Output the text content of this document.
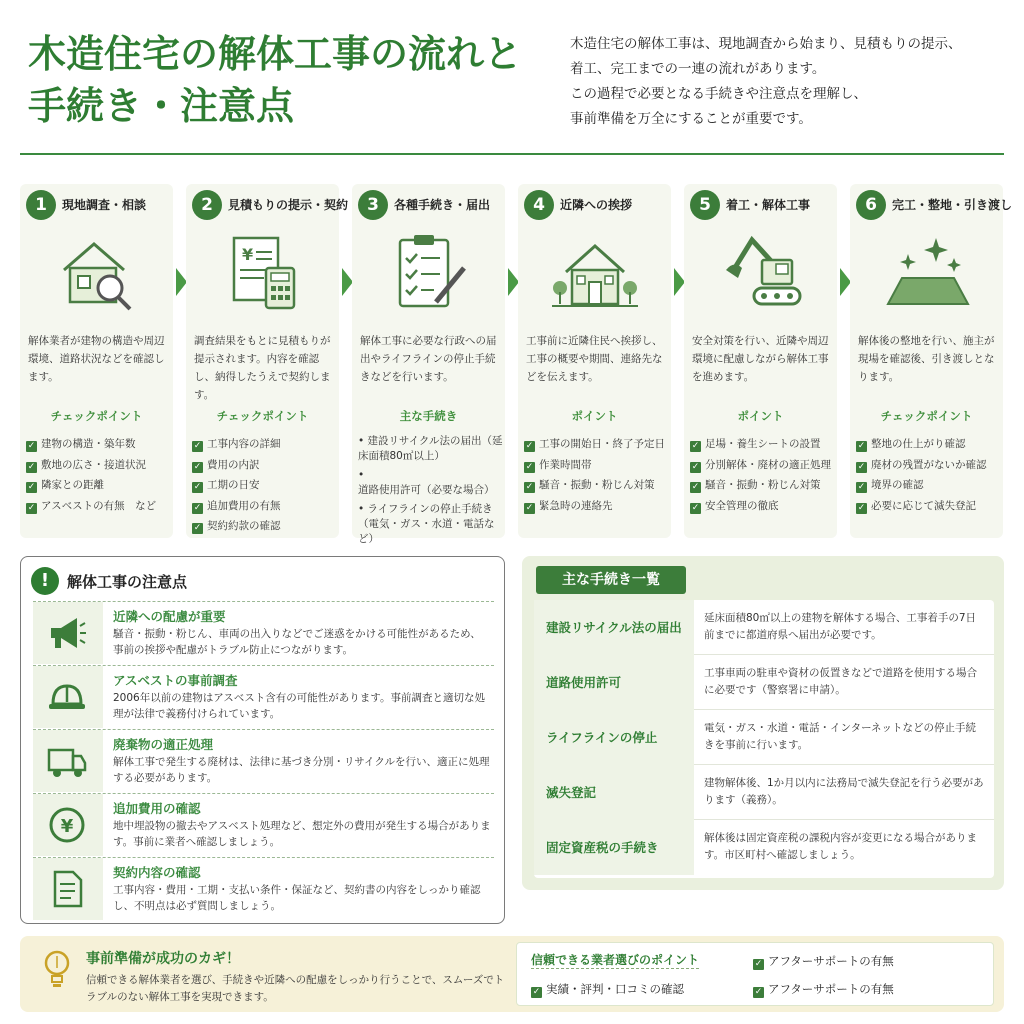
木造住宅の解体工事の流れと
手続き・注意点
木造住宅の解体工事は、現地調査から始まり、見積もりの提示、
着工、完工までの一連の流れがあります。
この過程で必要となる手続きや注意点を理解し、
事前準備を万全にすることが重要です。
1	現地調査・相談
解体業者が建物の構造や周辺環境、道路状況などを確認します。
チェックポイント
✓ 建物の構造・築年数
✓ 敷地の広さ・接道状況
✓ 隣家との距離
✓ アスベストの有無　など
2	見積もりの提示・契約
¥
調査結果をもとに見積もりが提示されます。内容を確認し、納得したうえで契約します。
チェックポイント
✓ 工事内容の詳細
✓ 費用の内訳
✓ 工期の日安
✓ 追加費用の有無
✓ 契約約款の確認
3	各種手続き・届出
解体工事に必要な行政への届出やライフラインの停止手続きなどを行います。
主な手続き
• 建設リサイクル法の届出（延床面積80㎡以上）
• 道路使用許可（必要な場合）
• ライフラインの停止手続き（電気・ガス・水道・電話など）
4	近隣への挨拶
工事前に近隣住民へ挨拶し、工事の概要や期間、連絡先などを伝えます。
ポイント
✓ 工事の開始日・終了予定日
✓ 作業時間帯
✓ 騒音・振動・粉じん対策
✓ 緊急時の連絡先
5	着工・解体工事
安全対策を行い、近隣や周辺環境に配慮しながら解体工事を進めます。
ポイント
✓ 足場・養生シートの設置
✓ 分別解体・廃材の適正処理
✓ 騒音・振動・粉じん対策
✓ 安全管理の徹底
6	完工・整地・引き渡し
解体後の整地を行い、施主が現場を確認後、引き渡しとなります。
チェックポイント
✓ 整地の仕上がり確認
✓ 廃材の残置がないか確認
✓ 境界の確認
✓ 必要に応じて滅失登記
!	解体工事の注意点
近隣への配慮が重要
騒音・振動・粉じん、車両の出入りなどでご迷惑をかける可能性があるため、事前の挨拶や配慮がトラブル防止につながります。
アスベストの事前調査
2006年以前の建物はアスベスト含有の可能性があります。事前調査と適切な処理が法律で義務付けられています。
廃棄物の適正処理
解体工事で発生する廃材は、法律に基づき分別・リサイクルを行い、適正に処理する必要があります。
¥
追加費用の確認
地中埋設物の撤去やアスベスト処理など、想定外の費用が発生する場合があります。事前に業者へ確認しましょう。
契約内容の確認
工事内容・費用・工期・支払い条件・保証など、契約書の内容をしっかり確認し、不明点は必ず質問しましょう。
主な手続き一覧
建設リサイクル法の届出
延床面積80㎡以上の建物を解体する場合、工事着手の7日前までに都道府県へ届出が必要です。
道路使用許可
工事車両の駐車や資材の仮置きなどで道路を使用する場合に必要です（警察署に申請）。
ライフラインの停止
電気・ガス・水道・電話・インターネットなどの停止手続きを事前に行います。
滅失登記
建物解体後、1か月以内に法務局で滅失登記を行う必要があります（義務）。
固定資産税の手続き
解体後は固定資産税の課税内容が変更になる場合があります。市区町村へ確認しましょう。
事前準備が成功のカギ！
信頼できる解体業者を選び、手続きや近隣への配慮をしっかり行うことで、スムーズでトラブルのない解体工事を実現できます。
信頼できる業者選びのポイント	✓ アフターサポートの有無
✓ 実績・評判・口コミの確認	✓ アフターサポートの有無
